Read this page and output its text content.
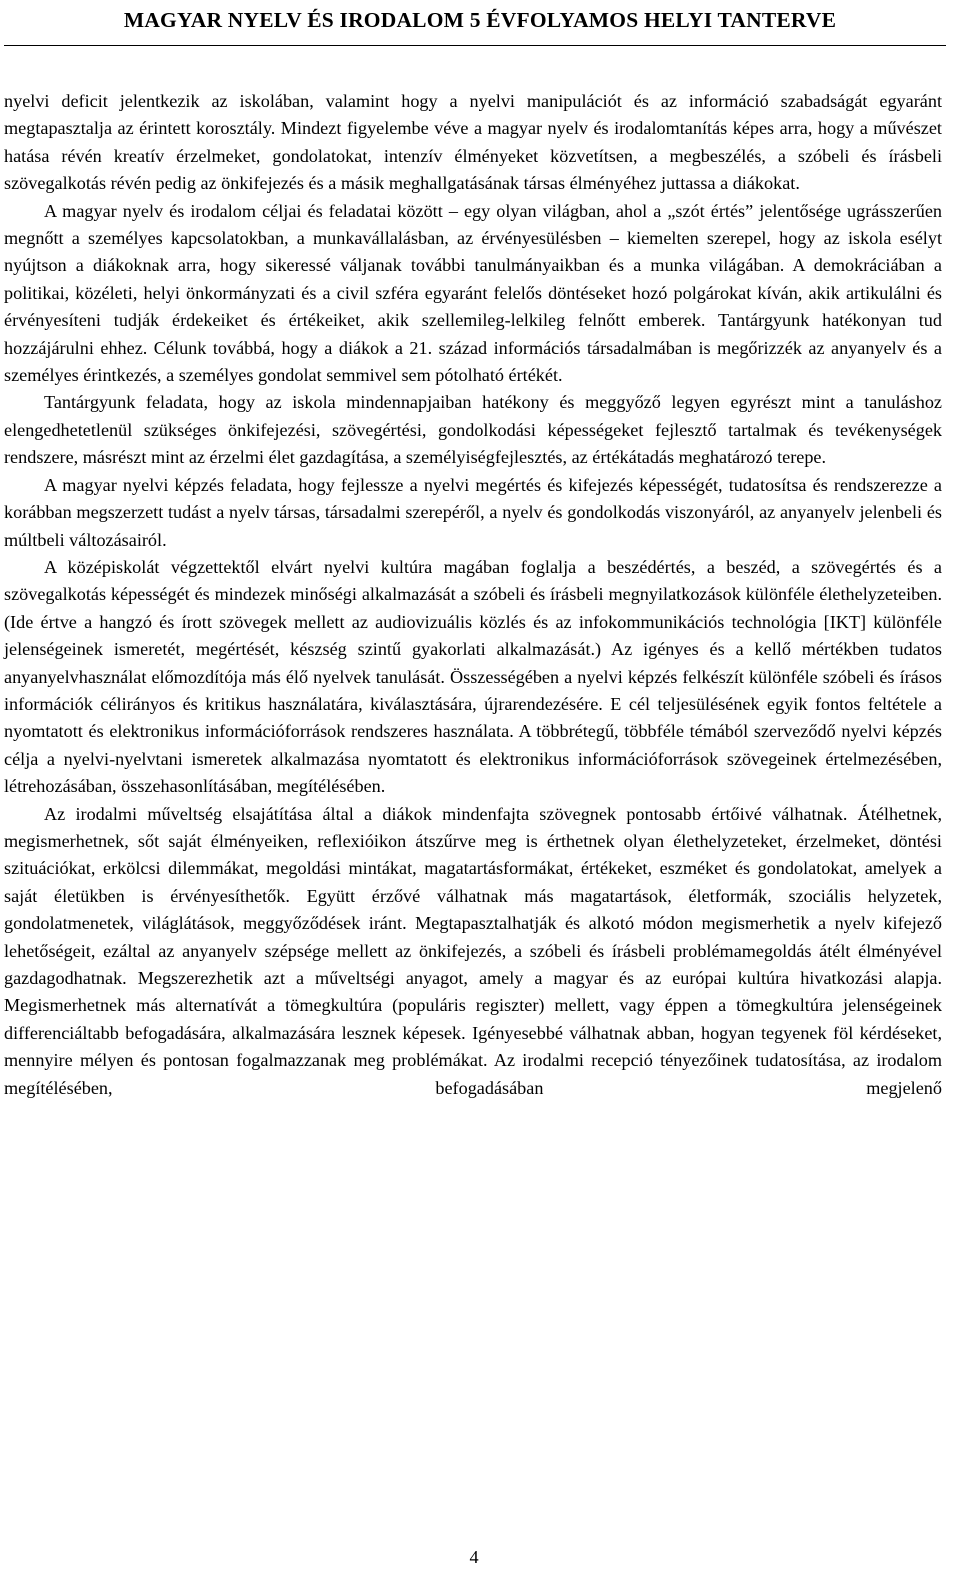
MAGYAR NYELV ÉS IRODALOM 5 ÉVFOLYAMOS HELYI TANTERVE

nyelvi deficit jelentkezik az iskolában, valamint hogy a nyelvi manipulációt és az információ szabadságát egyaránt megtapasztalja az érintett korosztály. Mindezt figyelembe véve a magyar nyelv és irodalomtanítás képes arra, hogy a művészet hatása révén kreatív érzelmeket, gondolatokat, intenzív élményeket közvetítsen, a megbeszélés, a szóbeli és írásbeli szövegalkotás révén pedig az önkifejezés és a másik meghallgatásának társas élményéhez juttassa a diákokat.

A magyar nyelv és irodalom céljai és feladatai között – egy olyan világban, ahol a „szót értés” jelentősége ugrásszerűen megnőtt a személyes kapcsolatokban, a munkavállalásban, az érvényesülésben – kiemelten szerepel, hogy az iskola esélyt nyújtson a diákoknak arra, hogy sikeressé váljanak további tanulmányaikban és a munka világában. A demokráciában a politikai, közéleti, helyi önkormányzati és a civil szféra egyaránt felelős döntéseket hozó polgárokat kíván, akik artikulálni és érvényesíteni tudják érdekeiket és értékeiket, akik szellemileg-lelkileg felnőtt emberek. Tantárgyunk hatékonyan tud hozzájárulni ehhez. Célunk továbbá, hogy a diákok a 21. század információs társadalmában is megőrizzék az anyanyelv és a személyes érintkezés, a személyes gondolat semmivel sem pótolható értékét.

Tantárgyunk feladata, hogy az iskola mindennapjaiban hatékony és meggyőző legyen egyrészt mint a tanuláshoz elengedhetetlenül szükséges önkifejezési, szövegértési, gondolkodási képességeket fejlesztő tartalmak és tevékenységek rendszere, másrészt mint az érzelmi élet gazdagítása, a személyiségfejlesztés, az értékátadás meghatározó terepe.

A magyar nyelvi képzés feladata, hogy fejlessze a nyelvi megértés és kifejezés képességét, tudatosítsa és rendszerezze a korábban megszerzett tudást a nyelv társas, társadalmi szerepéről, a nyelv és gondolkodás viszonyáról, az anyanyelv jelenbeli és múltbeli változásairól.

A középiskolát végzettektől elvárt nyelvi kultúra magában foglalja a beszédértés, a beszéd, a szövegértés és a szövegalkotás képességét és mindezek minőségi alkalmazását a szóbeli és írásbeli megnyilatkozások különféle élethelyzeteiben. (Ide értve a hangzó és írott szövegek mellett az audiovizuális közlés és az infokommunikációs technológia [IKT] különféle jelenségeinek ismeretét, megértését, készség szintű gyakorlati alkalmazását.) Az igényes és a kellő mértékben tudatos anyanyelvhasználat előmozdítója más élő nyelvek tanulását. Összességében a nyelvi képzés felkészít különféle szóbeli és írásos információk célirányos és kritikus használatára, kiválasztására, újrarendezésére. E cél teljesülésének egyik fontos feltétele a nyomtatott és elektronikus információforrások rendszeres használata. A többrétegű, többféle témából szerveződő nyelvi képzés célja a nyelvi-nyelvtani ismeretek alkalmazása nyomtatott és elektronikus információforrások szövegeinek értelmezésében, létrehozásában, összehasonlításában, megítélésében.

Az irodalmi műveltség elsajátítása által a diákok mindenfajta szövegnek pontosabb értőivé válhatnak. Átélhetnek, megismerhetnek, sőt saját élményeiken, reflexióikon átszűrve meg is érthetnek olyan élethelyzeteket, érzelmeket, döntési szituációkat, erkölcsi dilemmákat, megoldási mintákat, magatartásformákat, értékeket, eszméket és gondolatokat, amelyek a saját életükben is érvényesíthetők. Együtt érzővé válhatnak más magatartások, életformák, szociális helyzetek, gondolatmenetek, világlátások, meggyőződések iránt. Megtapasztalhatják és alkotó módon megismerhetik a nyelv kifejező lehetőségeit, ezáltal az anyanyelv szépsége mellett az önkifejezés, a szóbeli és írásbeli problémamegoldás átélt élményével gazdagodhatnak. Megszerezhetik azt a műveltségi anyagot, amely a magyar és az európai kultúra hivatkozási alapja. Megismerhetnek más alternatívát a tömegkultúra (populáris regiszter) mellett, vagy éppen a tömegkultúra jelenségeinek differenciáltabb befogadására, alkalmazására lesznek képesek. Igényesebbé válhatnak abban, hogyan tegyenek föl kérdéseket, mennyire mélyen és pontosan fogalmazzanak meg problémákat. Az irodalmi recepció tényezőinek tudatosítása, az irodalom megítélésében, befogadásában megjelenő

4
